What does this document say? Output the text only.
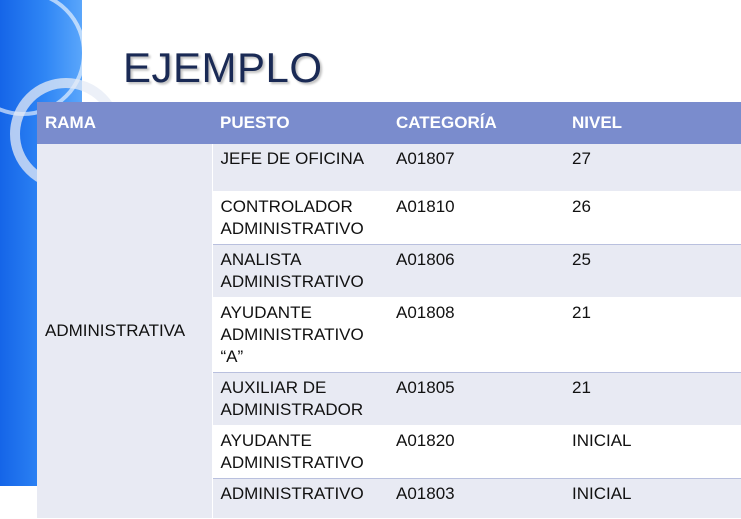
EJEMPLO
RAMA	PUESTO	CATEGORÍA	NIVEL
ADMINISTRATIVA	JEFE DE OFICINA	A01807	27
	CONTROLADOR ADMINISTRATIVO	A01810	26
	ANALISTA ADMINISTRATIVO	A01806	25
	AYUDANTE ADMINISTRATIVO “A”	A01808	21
	AUXILIAR DE ADMINISTRADOR	A01805	21
	AYUDANTE ADMINISTRATIVO	A01820	INICIAL
	ADMINISTRATIVO	A01803	INICIAL
